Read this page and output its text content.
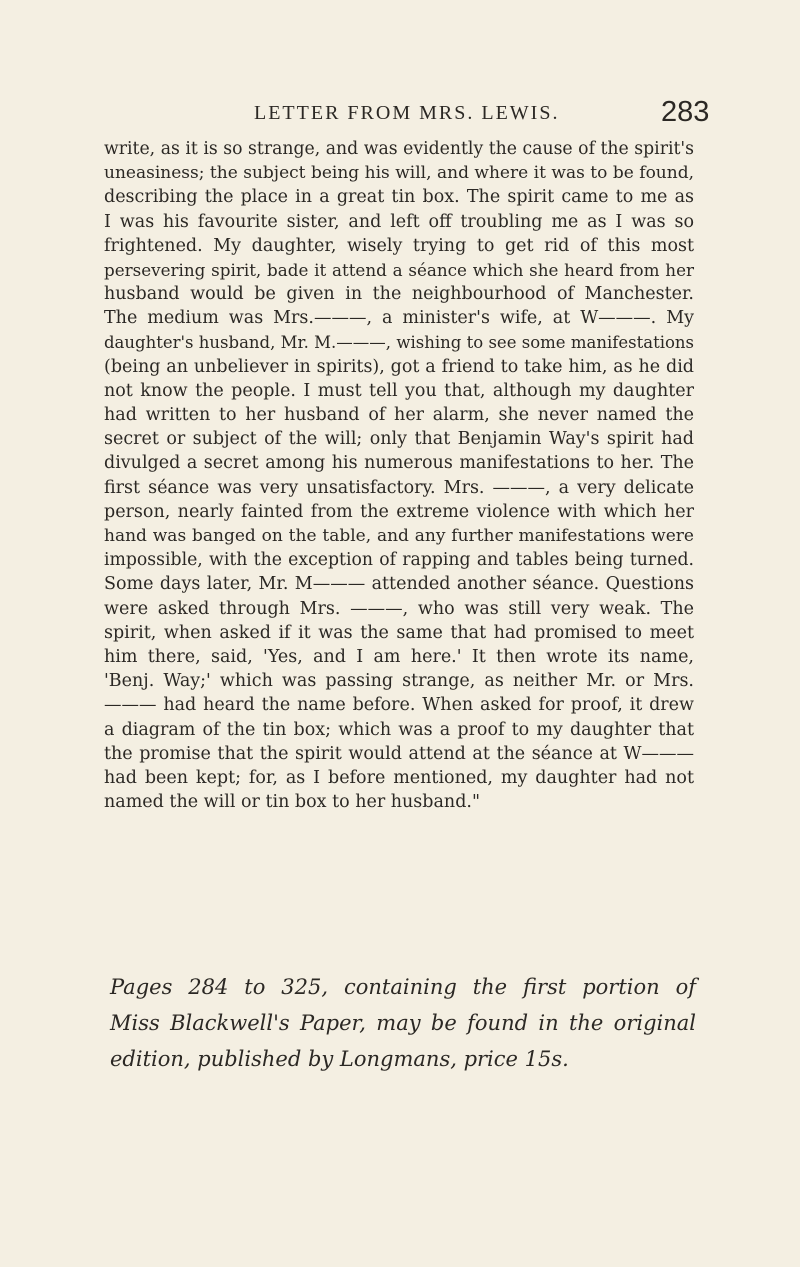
LETTER FROM MRS. LEWIS.	283
write, as it is so strange, and was evidently the cause of the spirit's
uneasiness; the subject being his will, and where it was to be found,
describing the place in a great tin box. The spirit came to me as
I was his favourite sister, and left off troubling me as I was so
frightened. My daughter, wisely trying to get rid of this most
persevering spirit, bade it attend a séance which she heard from her
husband would be given in the neighbourhood of Manchester.
The medium was Mrs.———, a minister's wife, at W———. My
daughter's husband, Mr. M.———, wishing to see some manifestations
(being an unbeliever in spirits), got a friend to take him, as he did
not know the people. I must tell you that, although my daughter
had written to her husband of her alarm, she never named the
secret or subject of the will; only that Benjamin Way's spirit had
divulged a secret among his numerous manifestations to her. The
first séance was very unsatisfactory. Mrs. ———, a very delicate
person, nearly fainted from the extreme violence with which her
hand was banged on the table, and any further manifestations were
impossible, with the exception of rapping and tables being turned.
Some days later, Mr. M——— attended another séance. Questions
were asked through Mrs. ———, who was still very weak. The
spirit, when asked if it was the same that had promised to meet
him there, said, 'Yes, and I am here.' It then wrote its name,
'Benj. Way;' which was passing strange, as neither Mr. or Mrs.
——— had heard the name before. When asked for proof, it drew
a diagram of the tin box; which was a proof to my daughter that
the promise that the spirit would attend at the séance at W———
had been kept; for, as I before mentioned, my daughter had not
named the will or tin box to her husband."
Pages 284 to 325, containing the first portion of
Miss Blackwell's Paper, may be found in the original
edition, published by Longmans, price 15s.
